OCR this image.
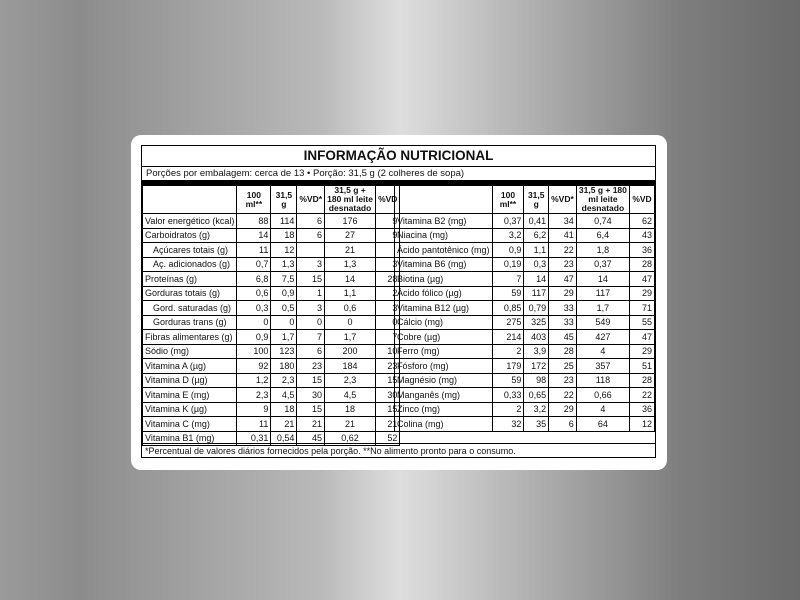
INFORMAÇÃO NUTRICIONAL
Porções por embalagem: cerca de 13 • Porção: 31,5 g (2 colheres de sopa)
	100 ml**	31,5 g	%VD*	31,5 g + 180 ml leite desnatado	%VD
Valor energético (kcal)	88	114	6	176	9
Carboidratos (g)	14	18	6	27	9
Açúcares totais (g)	11	12		21	
Aç. adicionados (g)	0,7	1,3	3	1,3	3
Proteínas (g)	6,8	7,5	15	14	28
Gorduras totais (g)	0,6	0,9	1	1,1	2
Gord. saturadas (g)	0,3	0,5	3	0,6	3
Gorduras trans (g)	0	0	0	0	0
Fibras alimentares (g)	0,9	1,7	7	1,7	7
Sódio (mg)	100	123	6	200	10
Vitamina A (µg)	92	180	23	184	23
Vitamina D (µg)	1,2	2,3	15	2,3	15
Vitamina E (mg)	2,3	4,5	30	4,5	30
Vitamina K (µg)	9	18	15	18	15
Vitamina C (mg)	11	21	21	21	21
Vitamina B1 (mg)	0,31	0,54	45	0,62	52
	100 ml**	31,5 g	%VD*	31,5 g + 180 ml leite desnatado	%VD
Vitamina B2 (mg)	0,37	0,41	34	0,74	62
Niacina (mg)	3,2	6,2	41	6,4	43
Ácido pantotênico (mg)	0,9	1,1	22	1,8	36
Vitamina B6 (mg)	0,19	0,3	23	0,37	28
Biotina (µg)	7	14	47	14	47
Ácido fólico (µg)	59	117	29	117	29
Vitamina B12 (µg)	0,85	0,79	33	1,7	71
Cálcio (mg)	275	325	33	549	55
Cobre (µg)	214	403	45	427	47
Ferro (mg)	2	3,9	28	4	29
Fósforo (mg)	179	172	25	357	51
Magnésio (mg)	59	98	23	118	28
Manganês (mg)	0,33	0,65	22	0,66	22
Zinco (mg)	2	3,2	29	4	36
Colina (mg)	32	35	6	64	12
*Percentual de valores diários fornecidos pela porção. **No alimento pronto para o consumo.
